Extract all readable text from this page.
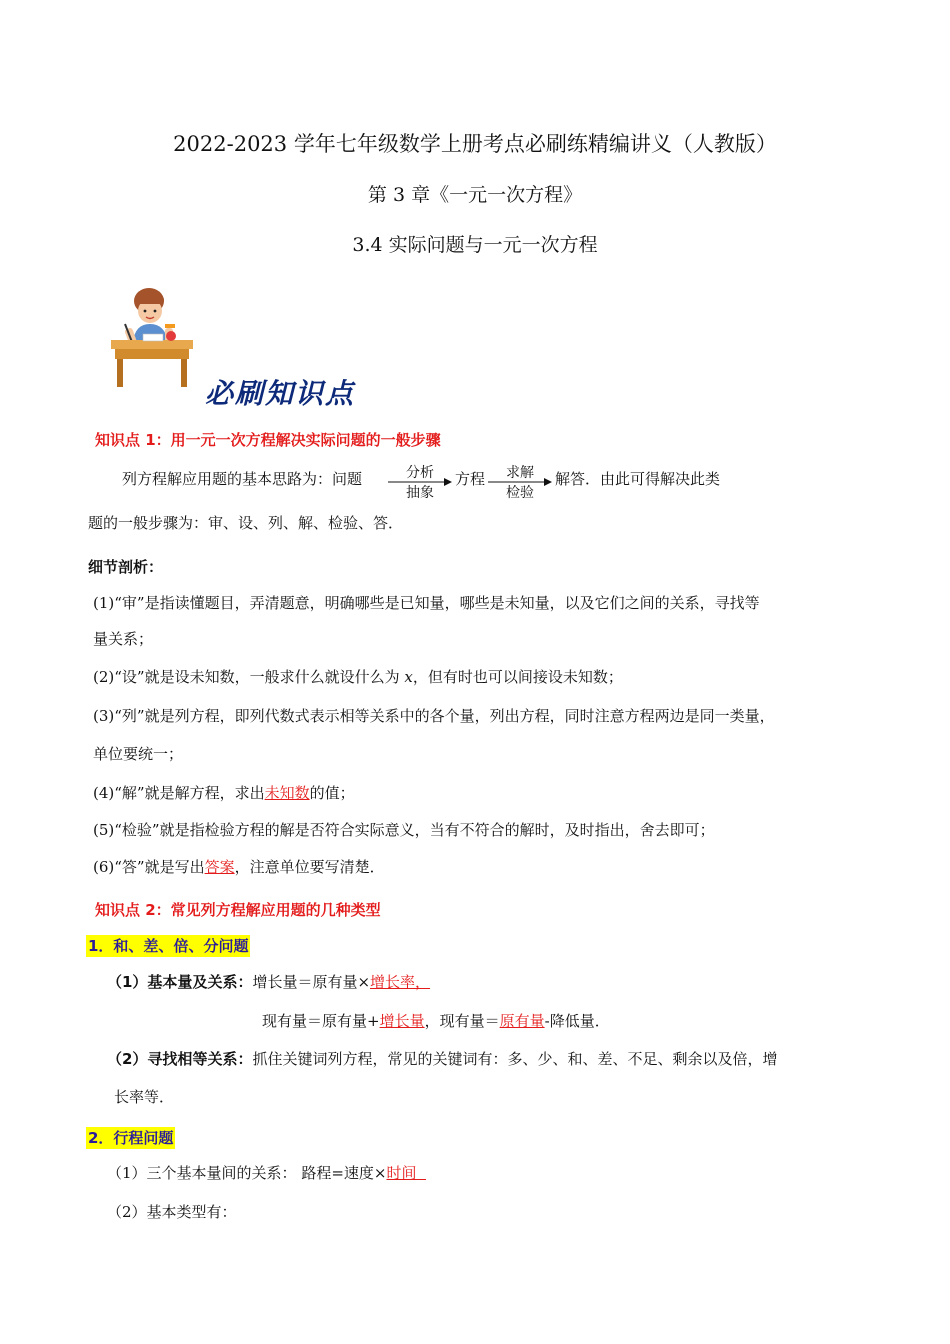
2022-2023 学年七年级数学上册考点必刷练精编讲义（人教版）
第 3 章《一元一次方程》
3.4 实际问题与一元一次方程
必刷知识点
知识点 1：用一元一次方程解决实际问题的一般步骤
列方程解应用题的基本思路为：问题	分析
抽象
方程 求解
检验
解答．由此可得解决此类
题的一般步骤为：审、设、列、解、检验、答．
细节剖析：
(1)“审”是指读懂题目，弄清题意，明确哪些是已知量，哪些是未知量，以及它们之间的关系，寻找等
量关系；
(2)“设”就是设未知数，一般求什么就设什么为 x，但有时也可以间接设未知数；
(3)“列”就是列方程，即列代数式表示相等关系中的各个量，列出方程，同时注意方程两边是同一类量，
单位要统一；
(4)“解”就是解方程，求出未知数的值；
(5)“检验”就是指检验方程的解是否符合实际意义，当有不符合的解时，及时指出，舍去即可；
(6)“答”就是写出答案，注意单位要写清楚．
知识点 2：常见列方程解应用题的几种类型
1．和、差、倍、分问题
（1）基本量及关系：增长量＝原有量×增长率，
现有量＝原有量+增长量，现有量＝原有量-降低量．
（2）寻找相等关系：抓住关键词列方程，常见的关键词有：多、少、和、差、不足、剩余以及倍，增
长率等．
2．行程问题
（1）三个基本量间的关系： 路程=速度×时间
（2）基本类型有：
